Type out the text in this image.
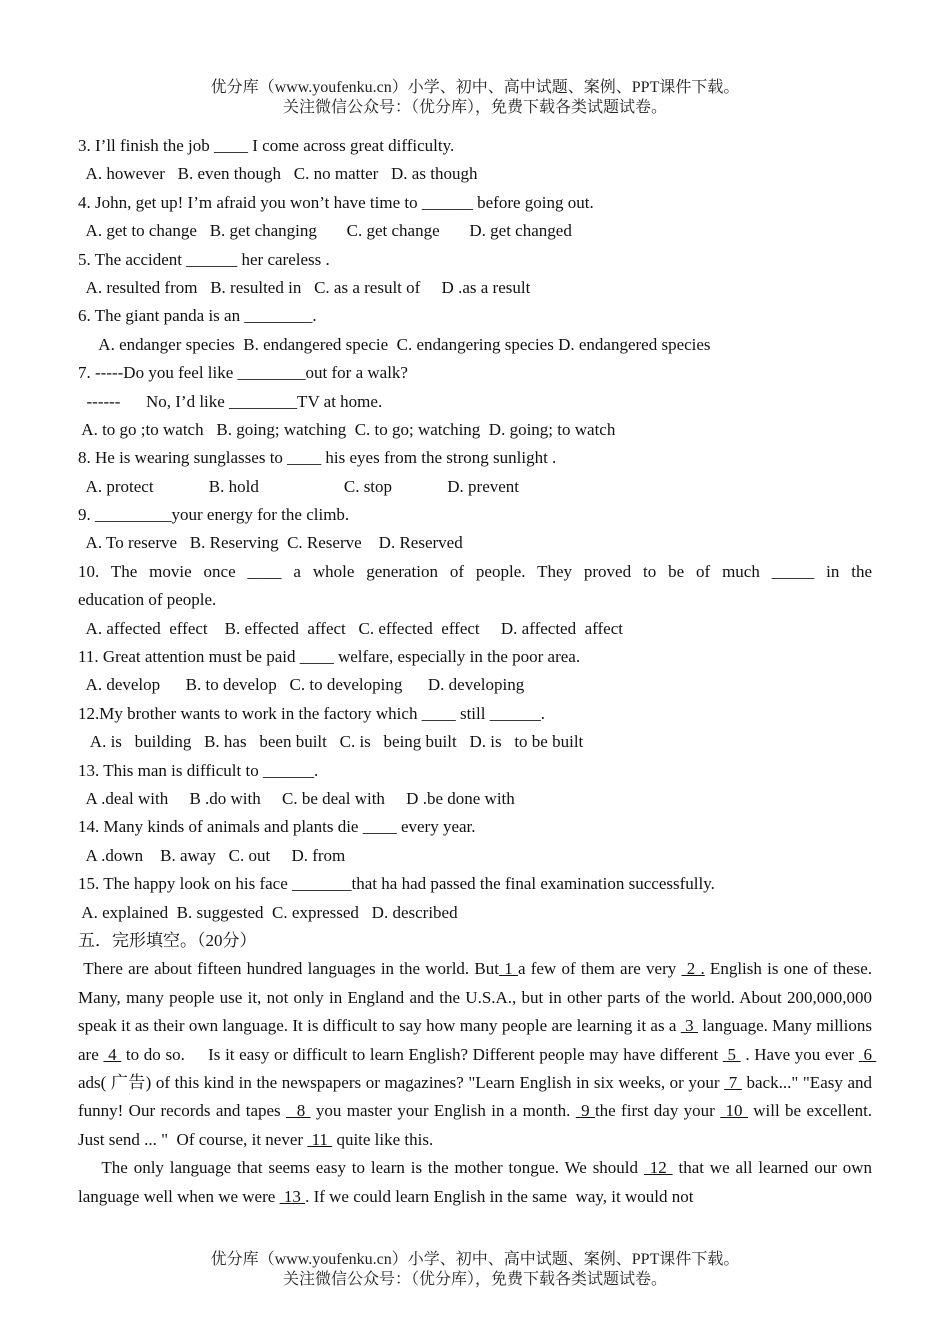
优分库（www.youfenku.cn）小学、初中、高中试题、案例、PPT课件下载。
关注微信公众号：（优分库），免费下载各类试题试卷。
3. I’ll finish the job ____ I come across great difficulty.
A. however   B. even though   C. no matter   D. as though
4. John, get up! I’m afraid you won’t have time to ______ before going out.
A. get to change   B. get changing       C. get change       D. get changed
5. The accident ______ her careless .
A. resulted from   B. resulted in   C. as a result of     D .as a result
6. The giant panda is an ________.
A. endanger species  B. endangered specie  C. endangering species D. endangered species
7. -----Do you feel like ________out for a walk?
------      No, I’d like ________TV at home.
A. to go ;to watch   B. going; watching  C. to go; watching  D. going; to watch
8. He is wearing sunglasses to ____ his eyes from the strong sunlight .
A. protect             B. hold                    C. stop             D. prevent
9. _________your energy for the climb.
A. To reserve   B. Reserving  C. Reserve    D. Reserved
10. The movie once ____ a whole generation of people. They proved to be of much _____ in the
education of people.
A. affected  effect    B. effected  affect   C. effected  effect     D. affected  affect
11. Great attention must be paid ____ welfare, especially in the poor area.
A. develop      B. to develop   C. to developing      D. developing
12.My brother wants to work in the factory which ____ still ______.
A. is   building   B. has   been built   C. is   being built   D. is   to be built
13. This man is difficult to ______.
A .deal with     B .do with     C. be deal with     D .be done with
14. Many kinds of animals and plants die ____ every year.
A .down    B. away   C. out     D. from
15. The happy look on his face _______that ha had passed the final examination successfully.
A. explained  B. suggested  C. expressed   D. described
五．完形填空。（20分）
There are about fifteen hundred languages in the world. But 1 a few of them are very  2 . English is one of these. Many, many people use it, not only in England and the U.S.A., but in other parts of the world. About 200,000,000 speak it as their own language. It is difficult to say how many people are learning it as a  3  language. Many millions are  4  to do so.     Is it easy or difficult to learn English? Different people may have different  5  . Have you ever  6  ads( 广告) of this kind in the newspapers or magazines? "Learn English in six weeks, or your  7  back..." "Easy and funny! Our records and tapes   8  you master your English in a month.  9 the first day your  10  will be excellent. Just send ... "  Of course, it never  11  quite like this.
The only language that seems easy to learn is the mother tongue. We should  12  that we all learned our own language well when we were  13 . If we could learn English in the same  way, it would not
优分库（www.youfenku.cn）小学、初中、高中试题、案例、PPT课件下载。
关注微信公众号：（优分库），免费下载各类试题试卷。
